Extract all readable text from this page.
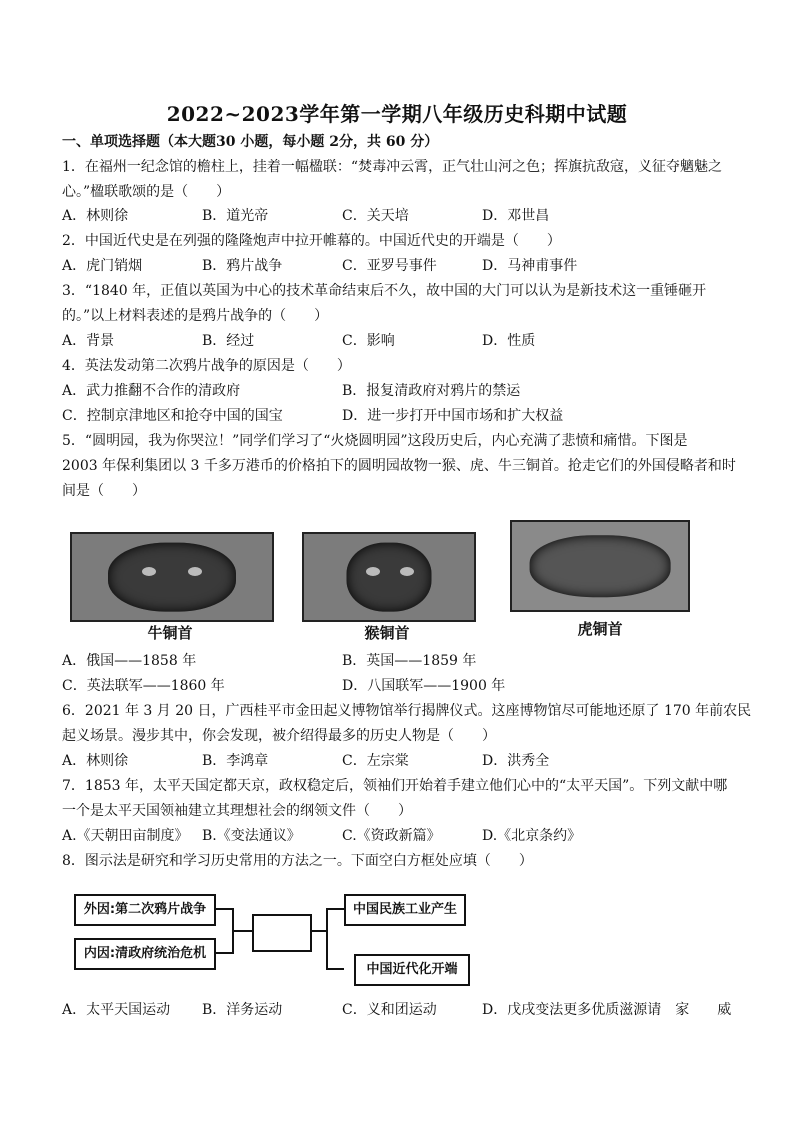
2022~2023学年第一学期八年级历史科期中试题
一、单项选择题（本大题30 小题，每小题 2分，共 60 分）
1．在福州一纪念馆的檐柱上，挂着一幅楹联：“焚毒冲云霄，正气壮山河之色；挥旗抗敌寇，义征夺魑魅之
心。”楹联歌颂的是（　　）
A．林则徐	B．道光帝	C．关天培	D．邓世昌
2．中国近代史是在列强的隆隆炮声中拉开帷幕的。中国近代史的开端是（　　）
A．虎门销烟	B．鸦片战争	C．亚罗号事件	D．马神甫事件
3．“1840 年，正值以英国为中心的技术革命结束后不久，故中国的大门可以认为是新技术这一重锤砸开
的。”以上材料表述的是鸦片战争的（　　）
A．背景	B．经过	C．影响	D．性质
4．英法发动第二次鸦片战争的原因是（　　）
A．武力推翻不合作的清政府	B．报复清政府对鸦片的禁运
C．控制京津地区和抢夺中国的国宝	D．进一步打开中国市场和扩大权益
5．“圆明园，我为你哭泣！”同学们学习了“火烧圆明园”这段历史后，内心充满了悲愤和痛惜。下图是
2003 年保利集团以 3 千多万港币的价格拍下的圆明园故物一猴、虎、牛三铜首。抢走它们的外国侵略者和时
间是（　　）
牛铜首	猴铜首	虎铜首
A．俄国——1858 年	B．英国——1859 年
C．英法联军——1860 年	D．八国联军——1900 年
6．2021 年 3 月 20 日，广西桂平市金田起义博物馆举行揭牌仪式。这座博物馆尽可能地还原了 170 年前农民
起义场景。漫步其中，你会发现，被介绍得最多的历史人物是（　　）
A．林则徐	B．李鸿章	C．左宗棠	D．洪秀全
7．1853 年，太平天国定都天京，政权稳定后，领袖们开始着手建立他们心中的“太平天国”。下列文献中哪
一个是太平天国领袖建立其理想社会的纲领文件（　　）
A.《天朝田亩制度》 B.《变法通议》	C.《资政新篇》	D.《北京条约》
8．图示法是研究和学习历史常用的方法之一。下面空白方框处应填（　　）
外因:第二次鸦片战争
内因:清政府统治危机
中国民族工业产生
中国近代化开端
A．太平天国运动 B．洋务运动	C．义和团运动	D．戊戌变法更多优质滋源请　家　　威
